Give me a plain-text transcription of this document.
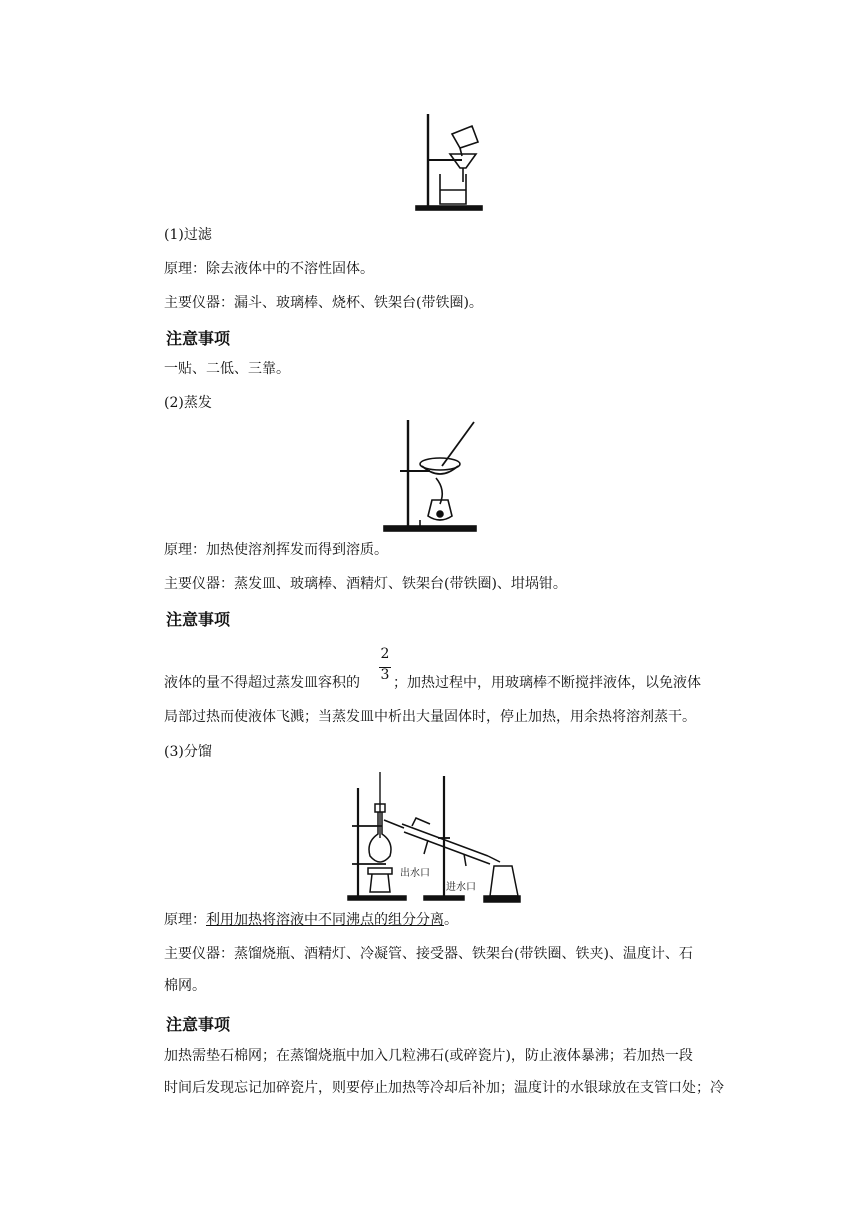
(1)过滤
原理：除去液体中的不溶性固体。
主要仪器：漏斗、玻璃棒、烧杯、铁架台(带铁圈)。
注意事项
一贴、二低、三靠。
(2)蒸发
原理：加热使溶剂挥发而得到溶质。
主要仪器：蒸发皿、玻璃棒、酒精灯、铁架台(带铁圈)、坩埚钳。
注意事项
液体的量不得超过蒸发皿容积的
2
3 ；加热过程中，用玻璃棒不断搅拌液体，以免液体
局部过热而使液体飞溅；当蒸发皿中析出大量固体时，停止加热，用余热将溶剂蒸干。
(3)分馏
出水口
进水口
原理：利用加热将溶液中不同沸点的组分分离。
主要仪器：蒸馏烧瓶、酒精灯、冷凝管、接受器、铁架台(带铁圈、铁夹)、温度计、石
棉网。
注意事项
加热需垫石棉网；在蒸馏烧瓶中加入几粒沸石(或碎瓷片)，防止液体暴沸；若加热一段
时间后发现忘记加碎瓷片，则要停止加热等冷却后补加；温度计的水银球放在支管口处；冷
